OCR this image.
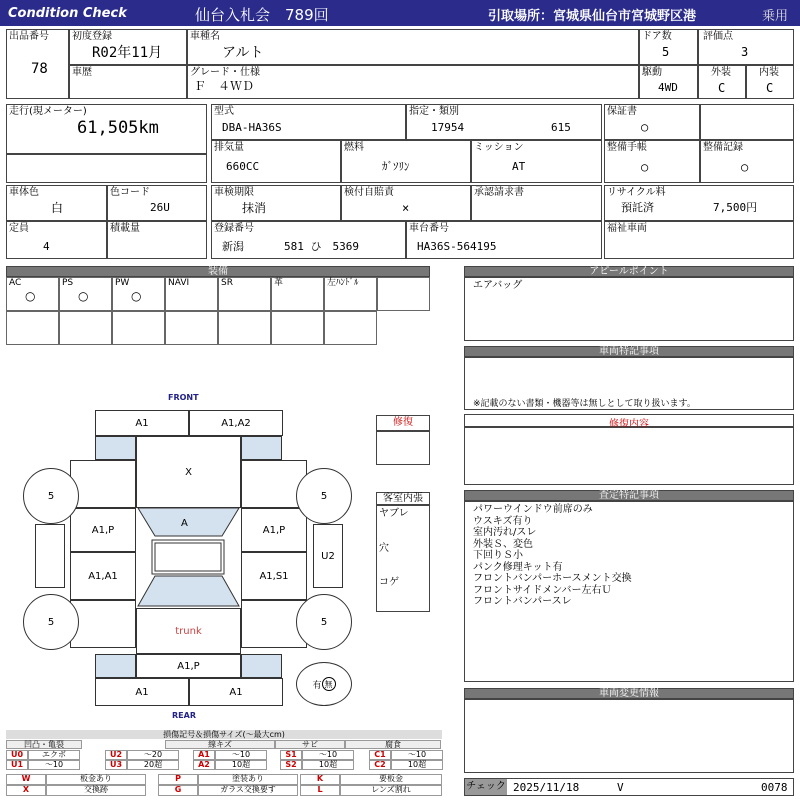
Condition Check	仙台入札会　789回	引取場所：宮城県仙台市宮城野区港	乗用
出品番号
78
初度登録
R02年11月
車歴
車種名
アルト
グレード・仕様
Ｆ　４ＷＤ
ドア数
5
評価点
3
駆動
4WD
外装
C
内装
C
走行(現メーター)
61,505km
型式
DBA-HA36S
指定・類別
17954	615
排気量
660CC
燃料
ｶﾞｿﾘﾝ
ミッション
AT
保証書
○
整備手帳
○
整備記録
○
車体色
白
色コード
26U
定員
4
積載量
車検期限
抹消
検付自賠責
×
承認請求書
登録番号
新潟	581 ひ　5369
車台番号
HA36S-564195
リサイクル料
預託済	7,500円
福祉車両
装備
AC
○
PS
○
PW
○
NAVI	SR	革	左ﾊﾝﾄﾞﾙ
アピールポイント
エアバッグ
車両特記事項
※記載のない書類・機器等は無しとして取り扱います。
修復内容
査定特記事項
パワーウインドウ前席のみ
ウスキズ有り
室内汚れ/スレ
外装Ｓ、変色
下回りＳ小
パンク修理キット有
フロントバンパーホースメント交換
フロントサイドメンバー左右Ｕ
フロントバンパースレ
車両変更情報
チェック 2025/11/18	V	0078
修復
客室内張
ヤブレ
穴
コゲ
FRONT
REAR
A1	A1,A2
X
A1,P	A1,P
A1,A1	A1,S1
A
trunk
A1,P
A1	A1
U2
5	5
5	5
有 無
損傷記号＆損傷サイズ(〜最大cm)
凹凸・亀裂	線キズ	サビ	腐食
U0	エクボ	U2	〜20	A1	〜10	S1	〜10	C1	〜10
U1	〜10	U3	20超	A2	10超	S2	10超	C2	10超
W	板金あり	P	塗装あり	K	要板金
X	交換跡	G	ガラス交換要す	L	レンズ割れ
